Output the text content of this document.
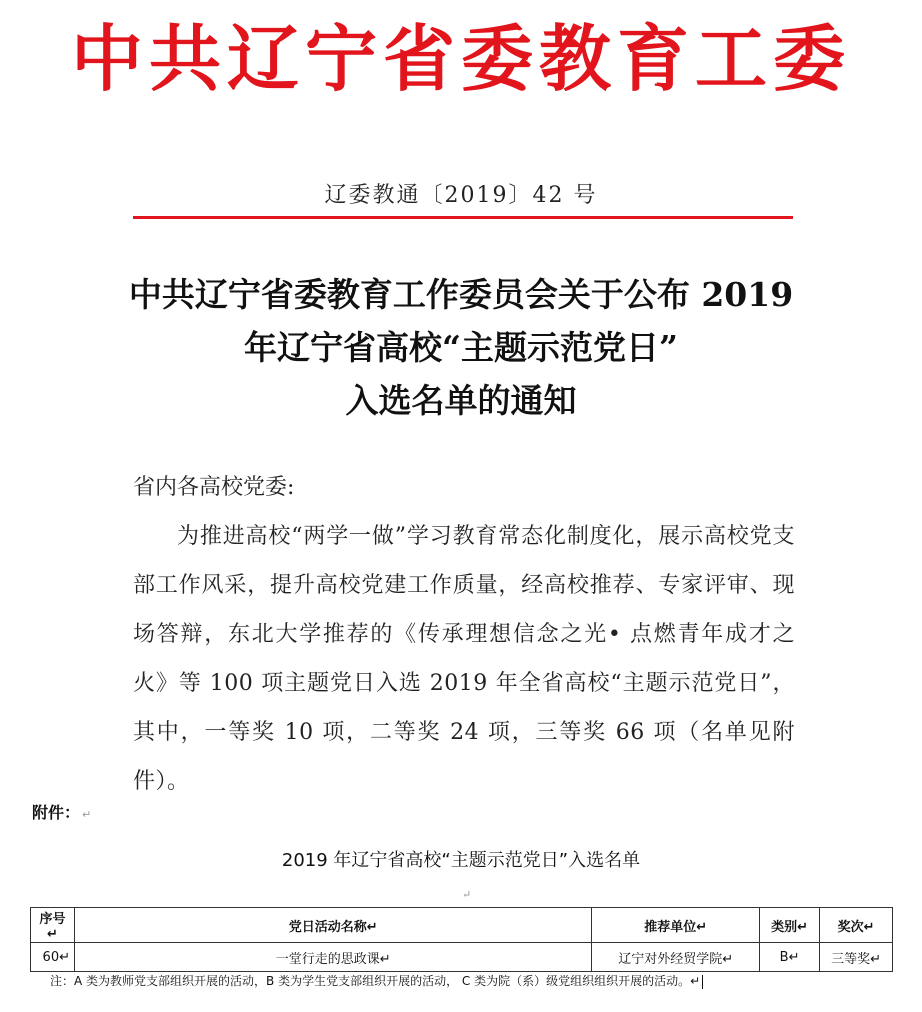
中共辽宁省委教育工委
辽委教通〔2019〕42 号
中共辽宁省委教育工作委员会关于公布 2019
年辽宁省高校“主题示范党日”
入选名单的通知
省内各高校党委:
为推进高校“两学一做”学习教育常态化制度化，展示高校党支部工作风采，提升高校党建工作质量，经高校推荐、专家评审、现场答辩，东北大学推荐的《传承理想信念之光• 点燃青年成才之火》等 100 项主题党日入选 2019 年全省高校“主题示范党日”，其中，一等奖 10 项，二等奖 24 项，三等奖 66 项（名单见附件）。
附件： ↵
2019 年辽宁省高校“主题示范党日”入选名单
↵
序号↵	党日活动名称↵	推荐单位↵	类别↵	奖次↵
60↵	一堂行走的思政课↵	辽宁对外经贸学院↵	B↵	三等奖↵
注：A 类为教师党支部组织开展的活动，B 类为学生党支部组织开展的活动， C 类为院（系）级党组织组织开展的活动。↵
